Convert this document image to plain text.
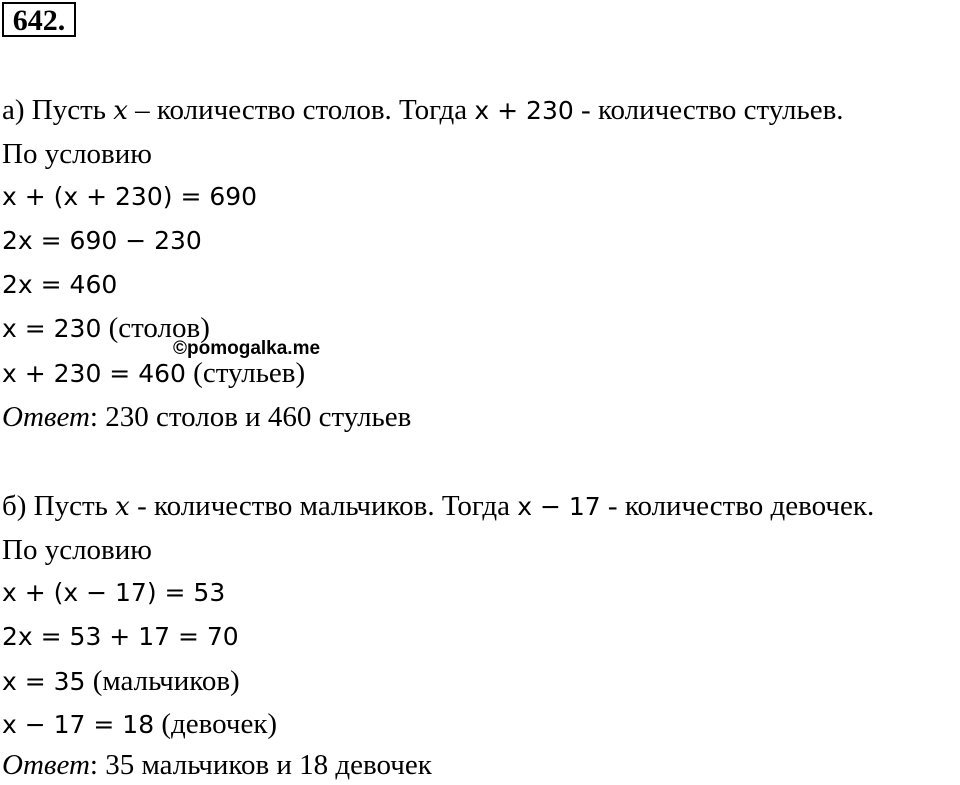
642.
а) Пусть x – количество столов. Тогда x + 230 - количество стульев.
По условию
x + (x + 230) = 690
2x = 690 − 230
2x = 460
x = 230 (столов)
x + 230 = 460 (стульев)
Ответ: 230 столов и 460 стульев
©pomogalka.me
б) Пусть x - количество мальчиков. Тогда x − 17 - количество девочек.
По условию
x + (x − 17) = 53
2x = 53 + 17 = 70
x = 35 (мальчиков)
x − 17 = 18 (девочек)
Ответ: 35 мальчиков и 18 девочек
